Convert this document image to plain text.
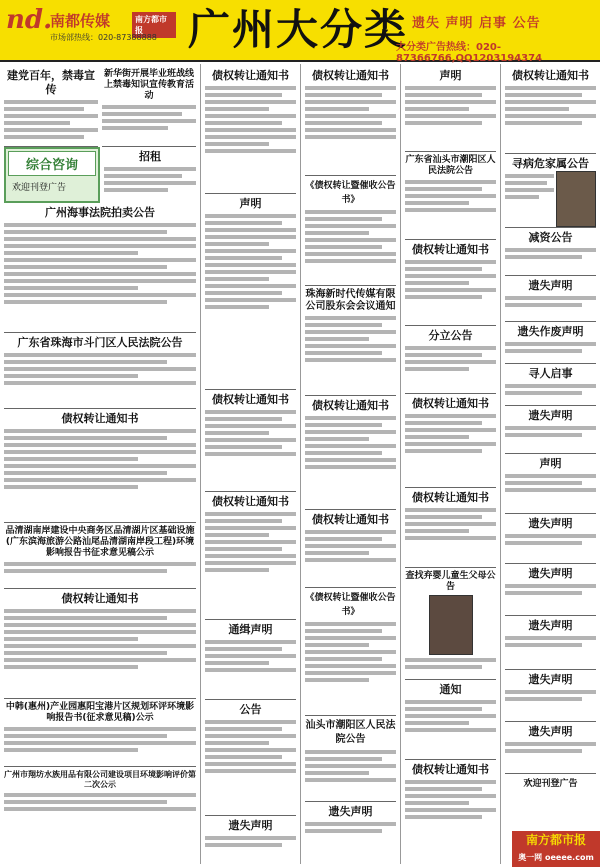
nd.
南都传媒	南方都市报
市场部热线：020-87388888 广州大分类 遗失 声明 启事 公告
大分类广告热线：020-87366766,QQ1203194374
建党百年，禁毒宣传
新华街开展毕业班战线上禁毒知识宣传教育活动
综合咨询
欢迎刊登广告
招租
广州海事法院拍卖公告
广东省珠海市斗门区人民法院公告
债权转让通知书
品清湖南岸建设中央商务区品清湖片区基础设施(广东滨海旅游公路汕尾品清湖南岸段工程)环境影响报告书征求意见稿公示
债权转让通知书
中韩(惠州)产业园惠阳宝港片区规划环评环境影响报告书(征求意见稿)公示
广州市翔坊水族用品有限公司建设项目环境影响评价第二次公示
债权转让通知书
声明
债权转让通知书
债权转让通知书
通缉声明
公告
遗失声明
债权转让通知书
《债权转让暨催收公告书》
珠海新时代传媒有限公司股东会会议通知
债权转让通知书
债权转让通知书
《债权转让暨催收公告书》
汕头市潮阳区人民法院公告
遗失声明
声明
广东省汕头市潮阳区人民法院公告
债权转让通知书
分立公告
债权转让通知书
债权转让通知书
查找弃婴儿童生父母公告
通知
债权转让通知书
债权转让通知书
寻病危家属公告
减资公告
遗失声明
遗失作废声明
寻人启事
遗失声明
声明
遗失声明
遗失声明
遗失声明
遗失声明
遗失声明
欢迎刊登广告
南方都市报
奥一网 oeeee.com
